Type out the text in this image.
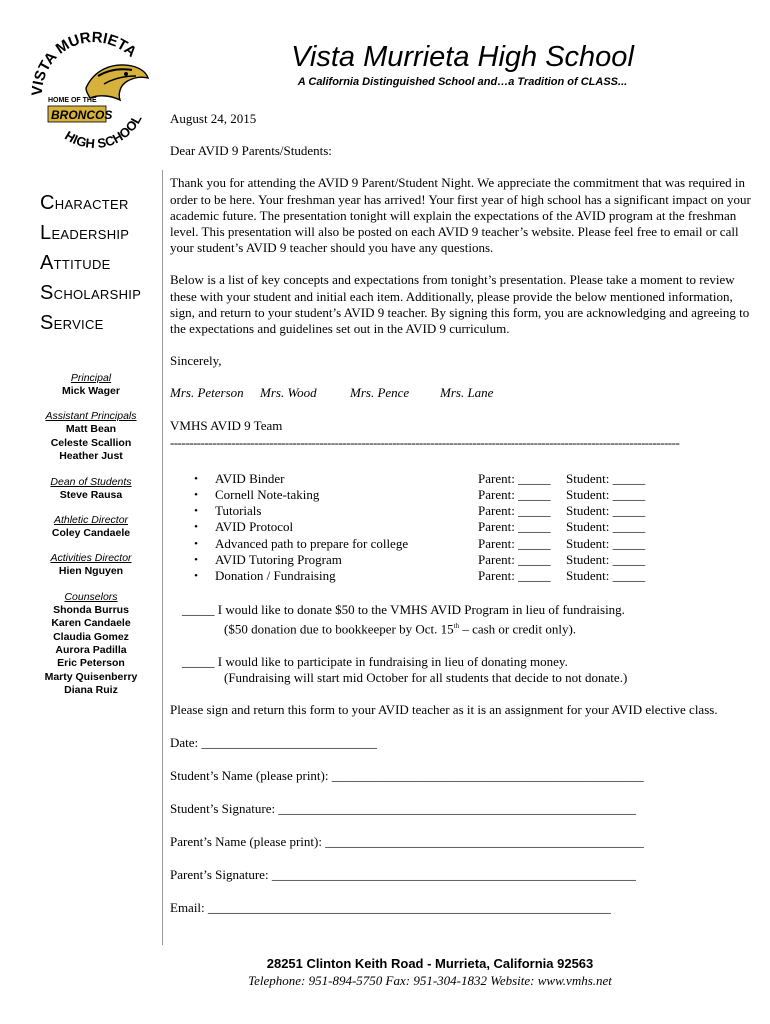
VISTA MURRIETA
HIGH SCHOOL
HOME OF THE
BRONCOS
Vista Murrieta High School
A California Distinguished School and…a Tradition of CLASS...
CHARACTER
LEADERSHIP
ATTITUDE
SCHOLARSHIP
SERVICE
Principal
Mick Wager
Assistant Principals
Matt Bean
Celeste Scallion
Heather Just
Dean of Students
Steve Rausa
Athletic Director
Coley Candaele
Activities Director
Hien Nguyen
Counselors
Shonda Burrus
Karen Candaele
Claudia Gomez
Aurora Padilla
Eric Peterson
Marty Quisenberry
Diana Ruiz

August 24, 2015

Dear AVID 9 Parents/Students:

Thank you for attending the AVID 9 Parent/Student Night. We appreciate the commitment that was required in order to be here. Your freshman year has arrived! Your first year of high school has a significant impact on your academic future. The presentation tonight will explain the expectations of the AVID program at the freshman level. This presentation will also be posted on each AVID 9 teacher’s website. Please feel free to email or call your student’s AVID 9 teacher should you have any questions.

Below is a list of key concepts and expectations from tonight’s presentation. Please take a moment to review these with your student and initial each item. Additionally, please provide the below mentioned information, sign, and return to your student’s AVID 9 teacher. By signing this form, you are acknowledging and agreeing to the expectations and guidelines set out in the AVID 9 curriculum.

Sincerely,

Mrs. Peterson	Mrs. Wood	Mrs. Pence	Mrs. Lane
VMHS AVID 9 Team
-------------------------------------------------------------------------------------------------------------------------------------
•	AVID Binder	Parent: _____	Student: _____
•	Cornell Note-taking	Parent: _____	Student: _____
•	Tutorials	Parent: _____	Student: _____
•	AVID Protocol	Parent: _____	Student: _____
•	Advanced path to prepare for college	Parent: _____	Student: _____
•	AVID Tutoring Program	Parent: _____	Student: _____
•	Donation / Fundraising	Parent: _____	Student: _____
_____ I would like to donate $50 to the VMHS AVID Program in lieu of fundraising.
($50 donation due to bookkeeper by Oct. 15th – cash or credit only).
_____ I would like to participate in fundraising in lieu of donating money.
(Fundraising will start mid October for all students that decide to not donate.)

Please sign and return this form to your AVID teacher as it is an assignment for your AVID elective class.

Date: ___________________________
Student’s Name (please print): ________________________________________________
Student’s Signature: _______________________________________________________
Parent’s Name (please print): _________________________________________________
Parent’s Signature: ________________________________________________________
Email: ______________________________________________________________
28251 Clinton Keith Road - Murrieta, California 92563
Telephone: 951-894-5750 Fax: 951-304-1832 Website: www.vmhs.net
